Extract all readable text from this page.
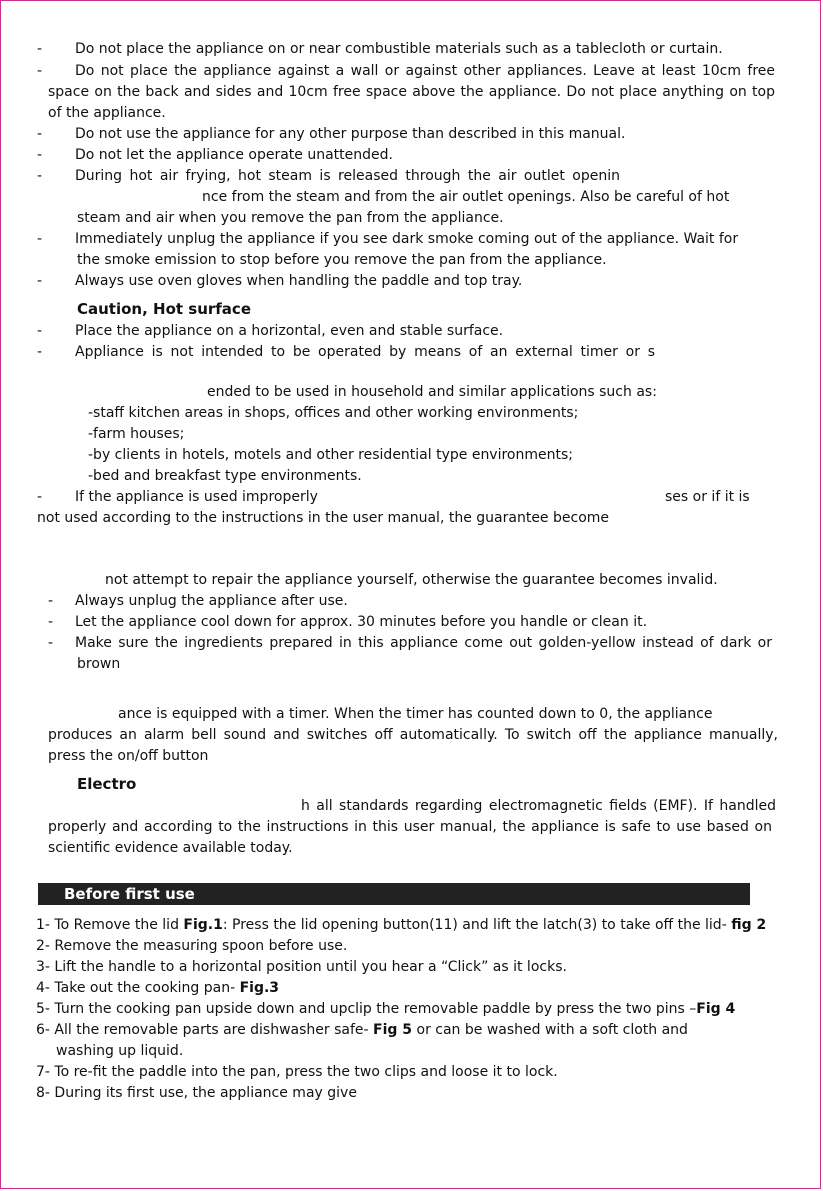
- Do not place the appliance on or near combustible materials such as a tablecloth or curtain.
- Do not place the appliance against a wall or against other appliances. Leave at least 10cm free
space on the back and sides and 10cm free space above the appliance. Do not place anything on top
of the appliance.
- Do not use the appliance for any other purpose than described in this manual.
- Do not let the appliance operate unattended.
- During hot air frying, hot steam is released through the air outlet openin
nce from the steam and from the air outlet openings. Also be careful of hot
steam and air when you remove the pan from the appliance.
- Immediately unplug the appliance if you see dark smoke coming out of the appliance. Wait for
the smoke emission to stop before you remove the pan from the appliance.
- Always use oven gloves when handling the paddle and top tray.
Caution, Hot surface
- Place the appliance on a horizontal, even and stable surface.
- Appliance is not intended to be operated by means of an external timer or s
ended to be used in household and similar applications such as:
-staff kitchen areas in shops, offices and other working environments;
-farm houses;
-by clients in hotels, motels and other residential type environments;
-bed and breakfast type environments.
- If the appliance is used improperly	ses or if it is
not used according to the instructions in the user manual, the guarantee become
not attempt to repair the appliance yourself, otherwise the guarantee becomes invalid.
- Always unplug the appliance after use.
- Let the appliance cool down for approx. 30 minutes before you handle or clean it.
- Make sure the ingredients prepared in this appliance come out golden-yellow instead of dark or
brown
ance is equipped with a timer. When the timer has counted down to 0, the appliance
produces an alarm bell sound and switches off automatically. To switch off the appliance manually,
press the on/off button
Electro
h all standards regarding electromagnetic fields (EMF). If handled
properly and according to the instructions in this user manual, the appliance is safe to use based on
scientific evidence available today.
Before first use
1- To Remove the lid Fig.1: Press the lid opening button(11) and lift the latch(3) to take off the lid- fig 2
2- Remove the measuring spoon before use.
3- Lift the handle to a horizontal position until you hear a “Click” as it locks.
4- Take out the cooking pan- Fig.3
5- Turn the cooking pan upside down and upclip the removable paddle by press the two pins –Fig 4
6- All the removable parts are dishwasher safe- Fig 5 or can be washed with a soft cloth and
washing up liquid.
7- To re-fit the paddle into the pan, press the two clips and loose it to lock.
8- During its first use, the appliance may give
